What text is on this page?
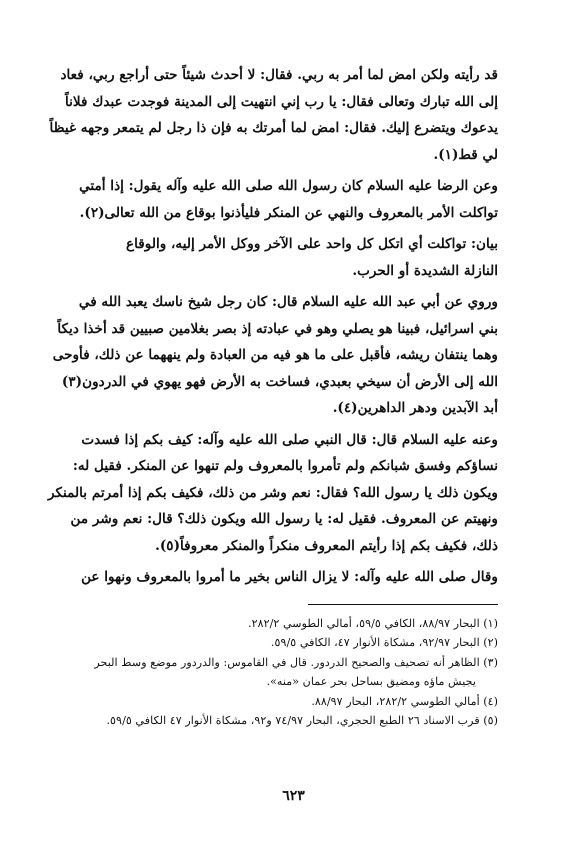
قد رأيته ولكن امض لما أمر به ربي. فقال: لا أحدث شيئاً حتى أراجع ربي، فعاد
إلى الله تبارك وتعالى فقال: يا رب إني انتهيت إلى المدينة فوجدت عبدك فلاناً
يدعوك ويتضرع إليك. فقال: امض لما أمرتك به فإن ذا رجل لم يتمعر وجهه غيظاً
لي قط(١).

وعن الرضا عليه السلام كان رسول الله صلى الله عليه وآله يقول: إذا أمتي
تواكلت الأمر بالمعروف والنهي عن المنكر فليأذنوا بوقاع من الله تعالى(٢).

بيان: تواكلت أي اتكل كل واحد على الآخر ووكل الأمر إليه، والوقاع
النازلة الشديدة أو الحرب.

وروي عن أبي عبد الله عليه السلام قال: كان رجل شيخ ناسك يعبد الله في
بني اسرائيل، فبينا هو يصلي وهو في عبادته إذ بصر بغلامين صبيين قد أخذا ديكاً
وهما ينتفان ريشه، فأقبل على ما هو فيه من العبادة ولم ينههما عن ذلك، فأوحى
الله إلى الأرض أن سيخي بعبدي، فساخت به الأرض فهو يهوي في الدردون(٣)
أبد الآبدين ودهر الداهرين(٤).

وعنه عليه السلام قال: قال النبي صلى الله عليه وآله: كيف بكم إذا فسدت
نساؤكم وفسق شبانكم ولم تأمروا بالمعروف ولم تنهوا عن المنكر. فقيل له:
ويكون ذلك يا رسول الله؟ فقال: نعم وشر من ذلك، فكيف بكم إذا أمرتم بالمنكر
ونهيتم عن المعروف. فقيل له: يا رسول الله ويكون ذلك؟ قال: نعم وشر من
ذلك، فكيف بكم إذا رأيتم المعروف منكراً والمنكر معروفاً(٥).

وقال صلى الله عليه وآله: لا يزال الناس بخير ما أمروا بالمعروف ونهوا عن

(١) البحار ٨٨/٩٧، الكافي ٥٩/٥، أمالي الطوسي ٢٨٢/٢.
(٢) البحار ٩٢/٩٧، مشكاة الأنوار ٤٧، الكافي ٥٩/٥.
(٣) الظاهر أنه تصحيف والصحيح الدردور. قال في القاموس: والدردور موضع وسط البحر
يجيش ماؤه ومضيق بساحل بحر عمان «منه».
(٤) أمالي الطوسي ٢٨٢/٢، البحار ٨٨/٩٧.
(٥) قرب الاسناد ٢٦ الطبع الحجري، البحار ٧٤/٩٧ و٩٢، مشكاة الأنوار ٤٧ الكافي ٥٩/٥.
٦٢٣
